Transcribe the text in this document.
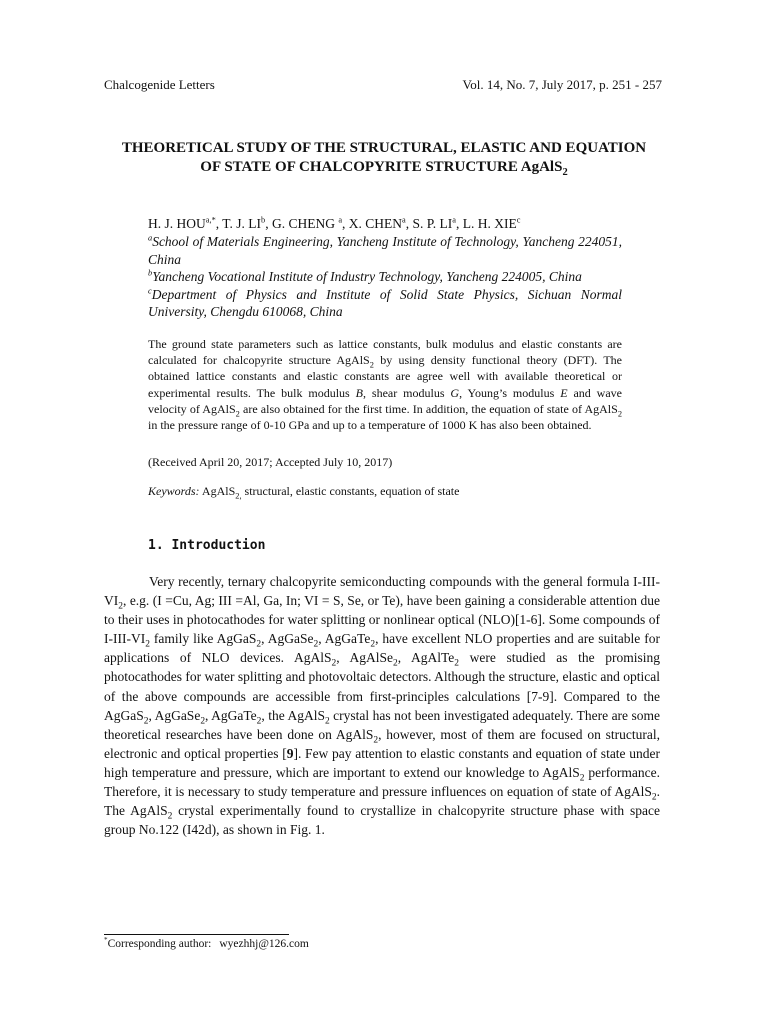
Chalcogenide Letters	Vol. 14, No. 7, July 2017, p. 251 - 257
THEORETICAL STUDY OF THE STRUCTURAL, ELASTIC AND EQUATION
OF STATE OF CHALCOPYRITE STRUCTURE AgAlS$_2$
H. J. $HOU^{a,*}$, T. J. $LI^b$, G. CHENG $^a$, X. CHEN$^a$, S. P. $LI^a$, L. H. XIE$^c$
$^a$School of Materials Engineering, Yancheng Institute of Technology, Yancheng 224051, China
$^b$Yancheng Vocational Institute of Industry Technology, Yancheng 224005, China
$^c$Department of Physics and Institute of Solid State Physics, Sichuan Normal University, Chengdu 610068, China
The ground state parameters such as lattice constants, bulk modulus and elastic constants are calculated for chalcopyrite structure AgAlS$_2$ by using density functional theory (DFT). The obtained lattice constants and elastic constants are agree well with available theoretical or experimental results. The bulk modulus B, shear modulus G, Young’s modulus E and wave velocity of AgAlS$_2$ are also obtained for the first time. In addition, the equation of state of AgAlS$_2$ in the pressure range of 0-10 GPa and up to a temperature of 1000 K has also been obtained.
(Received April 20, 2017; Accepted July 10, 2017)
Keywords: AgAlS$_{2,}$ structural, elastic constants, equation of state
1. Introduction
Very recently, ternary chalcopyrite semiconducting compounds with the general formula $I-III-VI_2$, e.g. (I =Cu, Ag; III =Al, Ga, In; VI = S, Se, or Te), have been gaining a considerable attention due to their uses in photocathodes for water splitting or nonlinear optical (NLO)[1-6]. Some compounds of $I-III-VI_2$ family like AgGaS$_2$, AgGaSe$_2$, AgGaTe$_2$, have excellent NLO properties and are suitable for applications of NLO devices. AgAlS$_2$, AgAlSe$_2$, AgAlTe$_2$ were studied as the promising photocathodes for water splitting and photovoltaic detectors. Although the structure, elastic and optical of the above compounds are accessible from first-principles calculations [7-9]. Compared to the AgGaS$_2$, AgGaSe$_2$, AgGaTe$_2$, the AgAlS$_2$ crystal has not been investigated adequately. There are some theoretical researches have been done on AgAlS$_2$, however, most of them are focused on structural, electronic and optical properties [9]. Few pay attention to elastic constants and equation of state under high temperature and pressure, which are important to extend our knowledge to AgAlS$_2$ performance. Therefore, it is necessary to study temperature and pressure influences on equation of state of AgAlS$_2$. The AgAlS$_2$ crystal experimentally found to crystallize in chalcopyrite structure phase with space group No.122 (I42d), as shown in Fig. 1.
*Corresponding author: wyezhhj@126.com
